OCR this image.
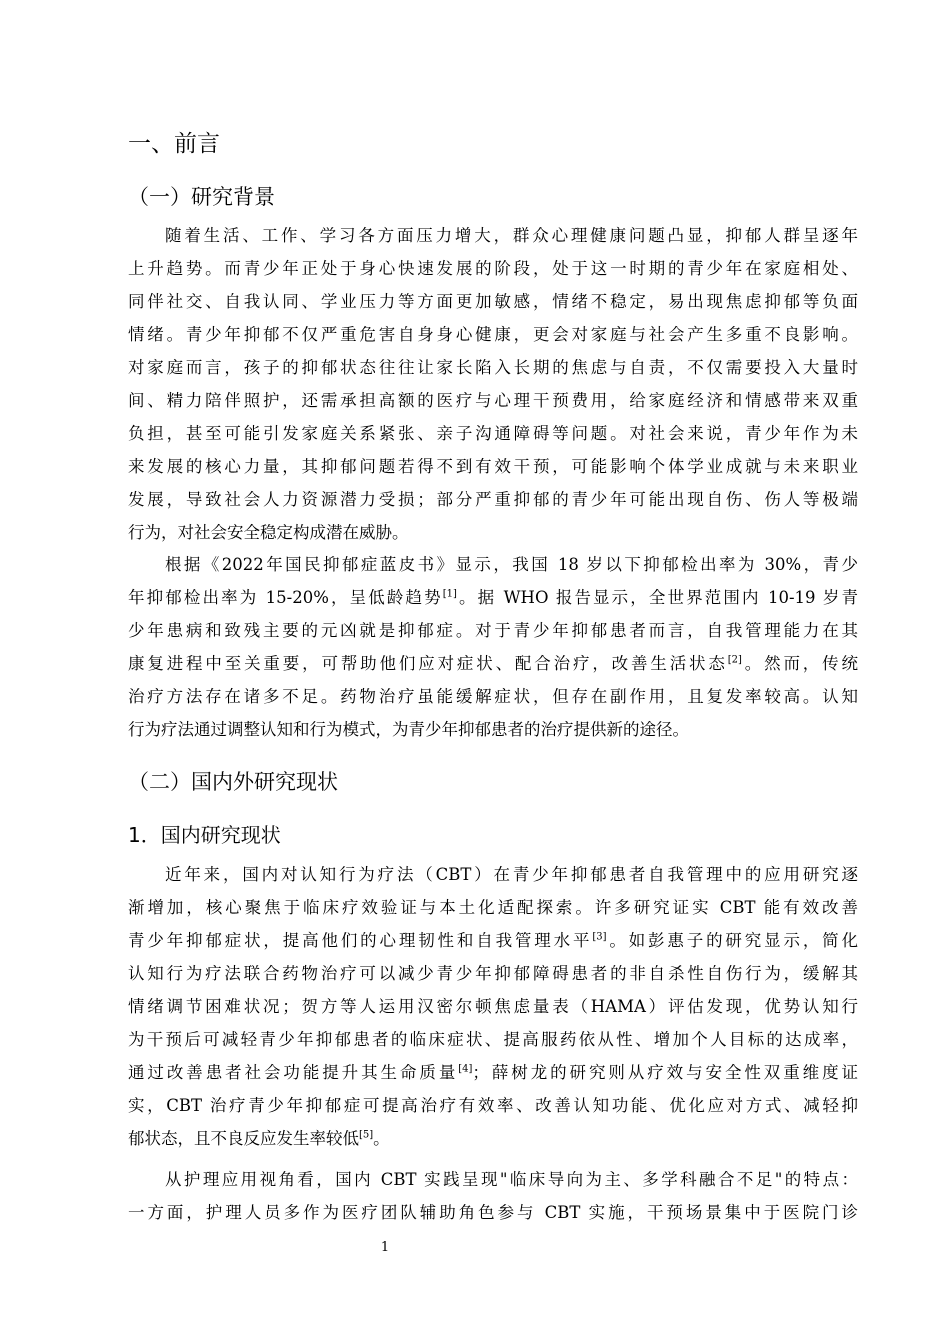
一、前言
（一）研究背景
随着生活、工作、学习各方面压力增大，群众心理健康问题凸显，抑郁人群呈逐年
上升趋势。而青少年正处于身心快速发展的阶段，处于这一时期的青少年在家庭相处、
同伴社交、自我认同、学业压力等方面更加敏感，情绪不稳定，易出现焦虑抑郁等负面
情绪。青少年抑郁不仅严重危害自身身心健康，更会对家庭与社会产生多重不良影响。
对家庭而言，孩子的抑郁状态往往让家长陷入长期的焦虑与自责，不仅需要投入大量时
间、精力陪伴照护，还需承担高额的医疗与心理干预费用，给家庭经济和情感带来双重
负担，甚至可能引发家庭关系紧张、亲子沟通障碍等问题。对社会来说，青少年作为未
来发展的核心力量，其抑郁问题若得不到有效干预，可能影响个体学业成就与未来职业
发展，导致社会人力资源潜力受损；部分严重抑郁的青少年可能出现自伤、伤人等极端
行为，对社会安全稳定构成潜在威胁。
根据《2022年国民抑郁症蓝皮书》显示，我国 18 岁以下抑郁检出率为 30%，青少
年抑郁检出率为 15-20%，呈低龄趋势[1]。据 WHO 报告显示，全世界范围内 10-19 岁青
少年患病和致残主要的元凶就是抑郁症。对于青少年抑郁患者而言，自我管理能力在其
康复进程中至关重要，可帮助他们应对症状、配合治疗，改善生活状态[2]。然而，传统
治疗方法存在诸多不足。药物治疗虽能缓解症状，但存在副作用，且复发率较高。认知
行为疗法通过调整认知和行为模式，为青少年抑郁患者的治疗提供新的途径。
（二）国内外研究现状
1．国内研究现状
近年来，国内对认知行为疗法（CBT）在青少年抑郁患者自我管理中的应用研究逐
渐增加，核心聚焦于临床疗效验证与本土化适配探索。许多研究证实 CBT 能有效改善
青少年抑郁症状，提高他们的心理韧性和自我管理水平[3]。如彭惠子的研究显示，简化
认知行为疗法联合药物治疗可以减少青少年抑郁障碍患者的非自杀性自伤行为，缓解其
情绪调节困难状况；贺方等人运用汉密尔顿焦虑量表（HAMA）评估发现，优势认知行
为干预后可减轻青少年抑郁患者的临床症状、提高服药依从性、增加个人目标的达成率，
通过改善患者社会功能提升其生命质量[4]；薛树龙的研究则从疗效与安全性双重维度证
实，CBT 治疗青少年抑郁症可提高治疗有效率、改善认知功能、优化应对方式、减轻抑
郁状态，且不良反应发生率较低[5]。
从护理应用视角看，国内 CBT 实践呈现"临床导向为主、多学科融合不足"的特点：
一方面，护理人员多作为医疗团队辅助角色参与 CBT 实施，干预场景集中于医院门诊
1
